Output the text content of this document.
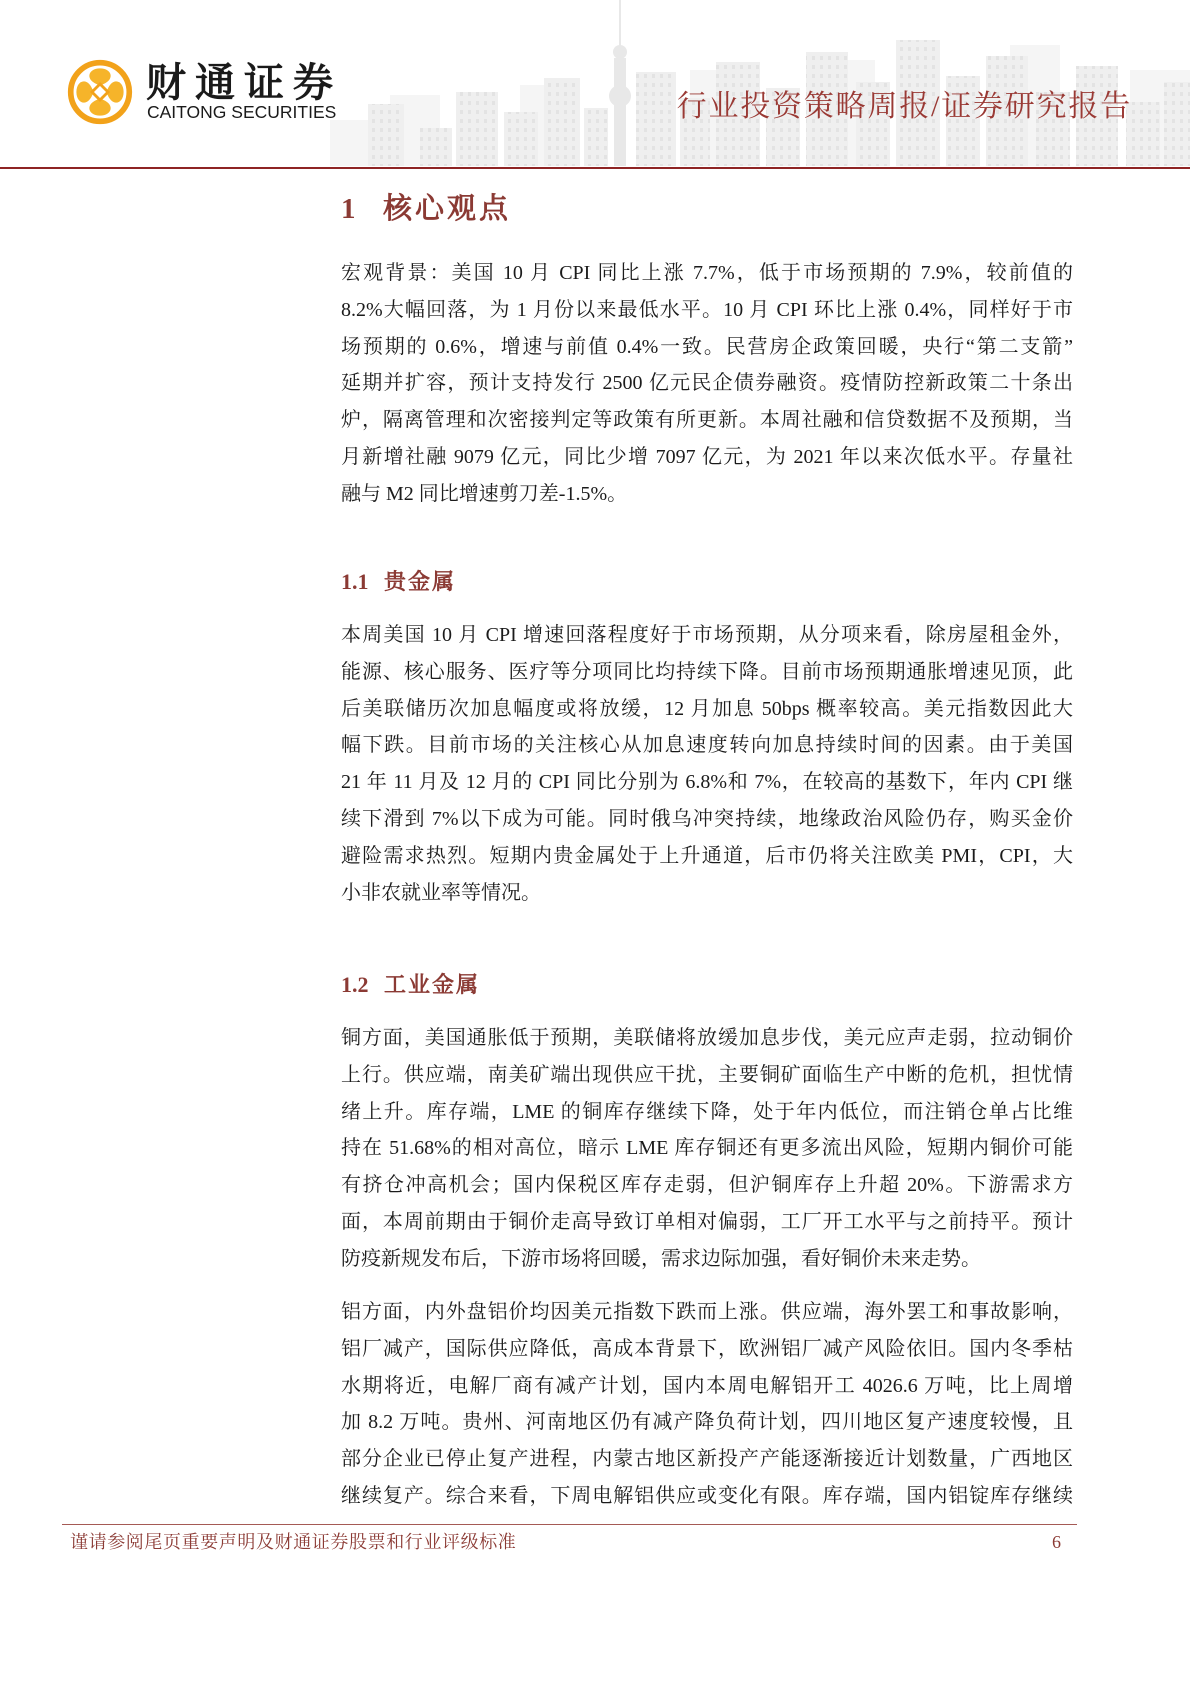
财通证券
CAITONG SECURITIES	行业投资策略周报/证券研究报告
1 核心观点
宏观背景：美国 10 月 CPI 同比上涨 7.7%，低于市场预期的 7.9%，较前值的
8.2%大幅回落，为 1 月份以来最低水平。10 月 CPI 环比上涨 0.4%，同样好于市
场预期的 0.6%，增速与前值 0.4%一致。民营房企政策回暖，央行“第二支箭”
延期并扩容，预计支持发行 2500 亿元民企债券融资。疫情防控新政策二十条出
炉，隔离管理和次密接判定等政策有所更新。本周社融和信贷数据不及预期，当
月新增社融 9079 亿元，同比少增 7097 亿元，为 2021 年以来次低水平。存量社
融与 M2 同比增速剪刀差-1.5%。
1.1 贵金属
本周美国 10 月 CPI 增速回落程度好于市场预期，从分项来看，除房屋租金外，
能源、核心服务、医疗等分项同比均持续下降。目前市场预期通胀增速见顶，此
后美联储历次加息幅度或将放缓，12 月加息 50bps 概率较高。美元指数因此大
幅下跌。目前市场的关注核心从加息速度转向加息持续时间的因素。由于美国
21 年 11 月及 12 月的 CPI 同比分别为 6.8%和 7%，在较高的基数下，年内 CPI 继
续下滑到 7%以下成为可能。同时俄乌冲突持续，地缘政治风险仍存，购买金价
避险需求热烈。短期内贵金属处于上升通道，后市仍将关注欧美 PMI，CPI，大
小非农就业率等情况。
1.2 工业金属
铜方面，美国通胀低于预期，美联储将放缓加息步伐，美元应声走弱，拉动铜价
上行。供应端，南美矿端出现供应干扰，主要铜矿面临生产中断的危机，担忧情
绪上升。库存端，LME 的铜库存继续下降，处于年内低位，而注销仓单占比维
持在 51.68%的相对高位，暗示 LME 库存铜还有更多流出风险，短期内铜价可能
有挤仓冲高机会；国内保税区库存走弱，但沪铜库存上升超 20%。下游需求方
面，本周前期由于铜价走高导致订单相对偏弱，工厂开工水平与之前持平。预计
防疫新规发布后，下游市场将回暖，需求边际加强，看好铜价未来走势。
铝方面，内外盘铝价均因美元指数下跌而上涨。供应端，海外罢工和事故影响，
铝厂减产，国际供应降低，高成本背景下，欧洲铝厂减产风险依旧。国内冬季枯
水期将近，电解厂商有减产计划，国内本周电解铝开工 4026.6 万吨，比上周增
加 8.2 万吨。贵州、河南地区仍有减产降负荷计划，四川地区复产速度较慢，且
部分企业已停止复产进程，内蒙古地区新投产产能逐渐接近计划数量，广西地区
继续复产。综合来看，下周电解铝供应或变化有限。库存端，国内铝锭库存继续
谨请参阅尾页重要声明及财通证券股票和行业评级标准	6
